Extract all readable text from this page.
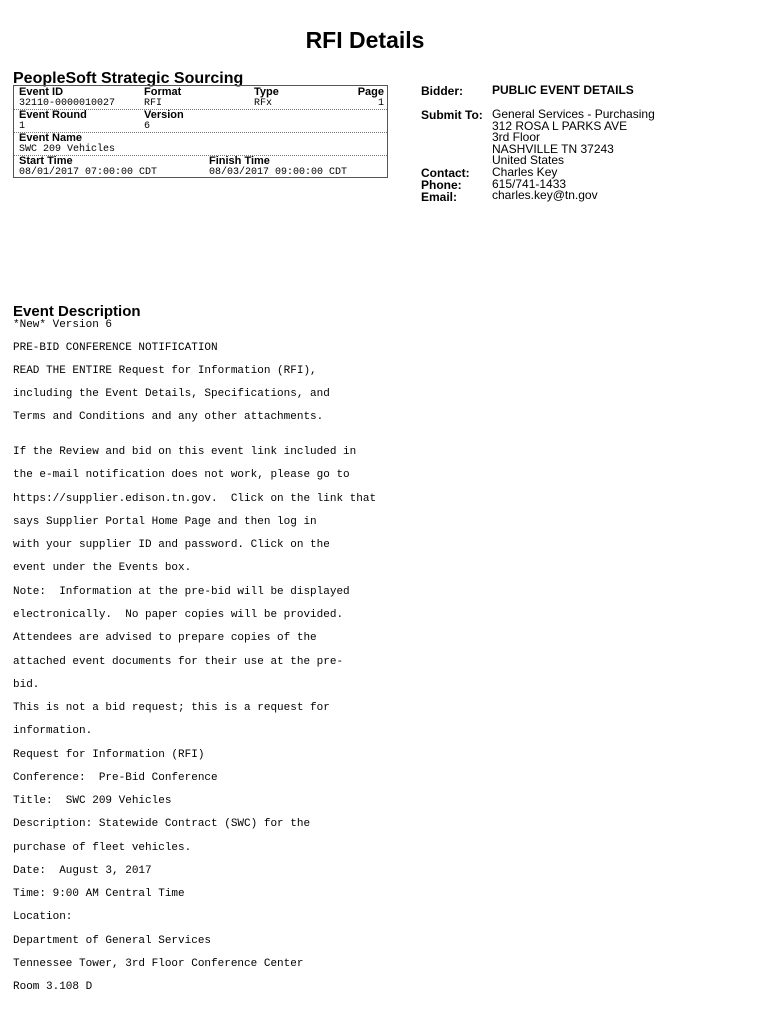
RFI Details
PeopleSoft Strategic Sourcing
Event ID	Format	Type	Page
32110-0000010027	RFI	RFx	1
Event Round	Version
1	6
Event Name
SWC 209 Vehicles
Start Time	Finish Time
08/01/2017 07:00:00 CDT	08/03/2017 09:00:00 CDT
Bidder: PUBLIC EVENT DETAILS
Submit To: General Services - Purchasing
312 ROSA L PARKS AVE
3rd Floor
NASHVILLE TN 37243
United States
Contact: Charles Key
Phone:	615/741-1433
Email:	charles.key@tn.gov
Event Description
*New* Version 6
PRE-BID CONFERENCE NOTIFICATION
READ THE ENTIRE Request for Information (RFI),
including the Event Details, Specifications, and
Terms and Conditions and any other attachments.
If the Review and bid on this event link included in
the e-mail notification does not work, please go to
https://supplier.edison.tn.gov.  Click on the link that
says Supplier Portal Home Page and then log in
with your supplier ID and password. Click on the
event under the Events box.
Note:  Information at the pre-bid will be displayed
electronically.  No paper copies will be provided.
Attendees are advised to prepare copies of the
attached event documents for their use at the pre-
bid.
This is not a bid request; this is a request for
information.
Request for Information (RFI)
Conference:  Pre-Bid Conference
Title:  SWC 209 Vehicles
Description: Statewide Contract (SWC) for the
purchase of fleet vehicles.
Date:  August 3, 2017
Time: 9:00 AM Central Time
Location:
Department of General Services
Tennessee Tower, 3rd Floor Conference Center
Room 3.108 D
